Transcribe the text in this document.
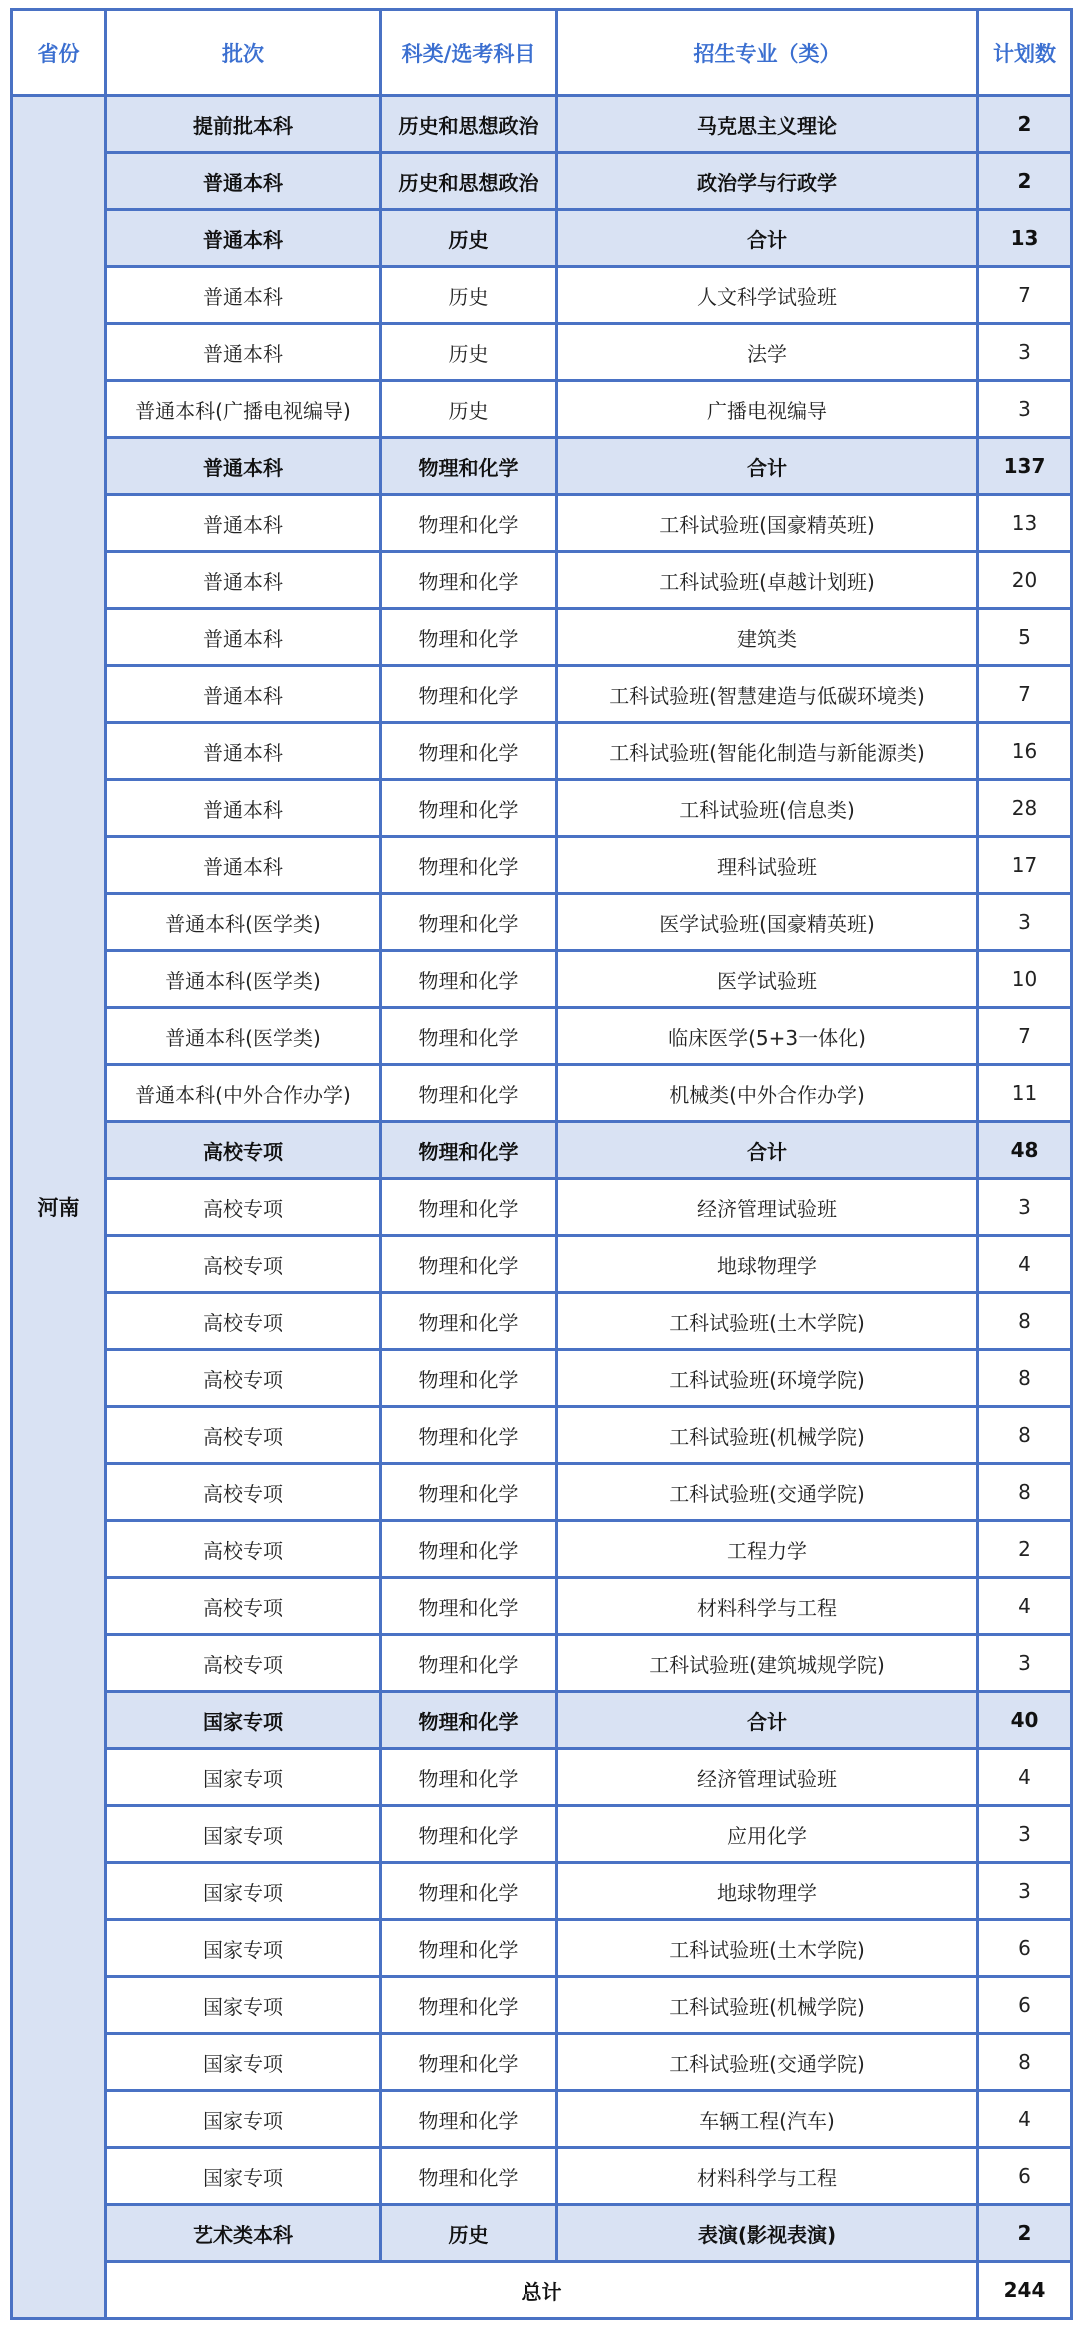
省份	批次	科类/选考科目	招生专业（类）	计划数
河南	提前批本科	历史和思想政治	马克思主义理论	2
	普通本科	历史和思想政治	政治学与行政学	2
	普通本科	历史	合计	13
	普通本科	历史	人文科学试验班	7
	普通本科	历史	法学	3
	普通本科(广播电视编导)	历史	广播电视编导	3
	普通本科	物理和化学	合计	137
	普通本科	物理和化学	工科试验班(国豪精英班)	13
	普通本科	物理和化学	工科试验班(卓越计划班)	20
	普通本科	物理和化学	建筑类	5
	普通本科	物理和化学	工科试验班(智慧建造与低碳环境类)	7
	普通本科	物理和化学	工科试验班(智能化制造与新能源类)	16
	普通本科	物理和化学	工科试验班(信息类)	28
	普通本科	物理和化学	理科试验班	17
	普通本科(医学类)	物理和化学	医学试验班(国豪精英班)	3
	普通本科(医学类)	物理和化学	医学试验班	10
	普通本科(医学类)	物理和化学	临床医学(5+3一体化)	7
	普通本科(中外合作办学)	物理和化学	机械类(中外合作办学)	11
	高校专项	物理和化学	合计	48
	高校专项	物理和化学	经济管理试验班	3
	高校专项	物理和化学	地球物理学	4
	高校专项	物理和化学	工科试验班(土木学院)	8
	高校专项	物理和化学	工科试验班(环境学院)	8
	高校专项	物理和化学	工科试验班(机械学院)	8
	高校专项	物理和化学	工科试验班(交通学院)	8
	高校专项	物理和化学	工程力学	2
	高校专项	物理和化学	材料科学与工程	4
	高校专项	物理和化学	工科试验班(建筑城规学院)	3
	国家专项	物理和化学	合计	40
	国家专项	物理和化学	经济管理试验班	4
	国家专项	物理和化学	应用化学	3
	国家专项	物理和化学	地球物理学	3
	国家专项	物理和化学	工科试验班(土木学院)	6
	国家专项	物理和化学	工科试验班(机械学院)	6
	国家专项	物理和化学	工科试验班(交通学院)	8
	国家专项	物理和化学	车辆工程(汽车)	4
	国家专项	物理和化学	材料科学与工程	6
	艺术类本科	历史	表演(影视表演)	2
	总计			244
